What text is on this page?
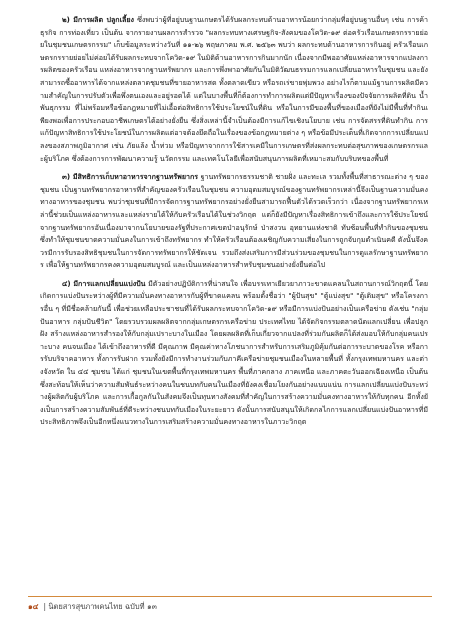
๒) มีการผลิต ปลูกเลี้ยง ซึ่งพบว่าผู้ที่อยู่บนฐานเกษตรได้รับผลกระทบด้านอาหารน้อยกว่ากลุ่มที่อยู่บนฐานอื่นๆ เช่น การค้า ธุรกิจ การท่องเที่ยว เป็นต้น จากรายงานผลการสำรวจ "ผลกระทบทางเศรษฐกิจ-สังคมของโควิด-๑๙ ต่อครัวเรือนเกษตรกรรายย่อยในชุมชนเกษตรกรรม" เก็บข้อมูลระหว่างวันที่ ๑๑-๒๖ พฤษภาคม พ.ศ. ๒๕๖๓ พบว่า ผลกระทบด้านอาหารการกินอยู่ ครัวเรือนเกษตรกรรายย่อยไม่ค่อยได้รับผลกระทบจากโควิด-๑๙ ในมิติด้านอาหารการกินมากนัก เนื่องจากมีพออาศัยแหล่งอาหารจากแปลงการผลิตของครัวเรือน แหล่งอาหารจากฐานทรัพยากร และการพึ่งพาอาศัยกันในมิติวัฒนธรรมการแลกเปลี่ยนอาหารในชุมชน และยังสามารถซื้ออาหารได้จากแหล่งตลาดชุมชนที่ขายอาหารสด ทั้งตลาดเขียว หรือรถเร่ขายพุ่มพวง อย่างไรก็ตามแม้ฐานการผลิตมีความสำคัญในการปรับตัวเพื่อพึ่งตนเองและอยู่รอดได้ แต่ในบางพื้นที่ก็ต้องการทำการผลิตแต่มีปัญหาเรื่องของปัจจัยการผลิตที่ดิน น้ำ พันธุกรรม ที่ไม่พร้อมหรือข้อกฎหมายที่ไม่เอื้อต่อสิทธิการใช้ประโยชน์ในที่ดิน หรือในการมีของพื้นที่ของเมืองที่ยังไม่มีพื้นที่ทำกินเพียงพอเพื่อการประกอบอาชีพเกษตรได้อย่างยั่งยืน ซึ่งสิ่งเหล่านี้จำเป็นต้องมีการแก้ไขเชิงนโยบาย เช่น การจัดสรรที่ดินทำกิน การแก้ปัญหาสิทธิการใช้ประโยชน์ในการผลิตแต่อาจต้องยึดถือในเรื่องของข้อกฎหมายต่าง ๆ หรือข้อมีประเด็นที่เกิดจากการเปลี่ยนแปลงของสภาพภูมิอากาศ เช่น ภัยแล้ง น้ำท่วม หรือปัญหาจากการใช้สารเคมีในการเกษตรที่ส่งผลกระทบต่อสุขภาพของเกษตรกรและผู้บริโภค ซึ่งต้องการการพัฒนาความรู้ นวัตกรรม และเทคโนโลยีเพื่อสนับสนุนการผลิตที่เหมาะสมกับบริบทของพื้นที่

๓) มีสิทธิการเก็บหาอาหารจากฐานทรัพยากร ฐานทรัพยากรธรรมชาติ ชายฝั่ง และทะเล รวมทั้งพื้นที่สาธารณะต่าง ๆ ของชุมชน เป็นฐานทรัพยากรอาหารที่สำคัญของครัวเรือนในชุมชน ความอุดมสมบูรณ์ของฐานทรัพยากรเหล่านี้จึงเป็นฐานความมั่นคงทางอาหารของชุมชน พบว่าชุมชนที่มีการจัดการฐานทรัพยากรอย่างยั่งยืนสามารถฟื้นตัวได้รวดเร็วกว่า เนื่องจากฐานทรัพยากรเหล่านี้ช่วยเป็นแหล่งอาหารและแหล่งรายได้ให้กับครัวเรือนได้ในช่วงวิกฤต แต่ก็ยังมีปัญหาเรื่องสิทธิการเข้าถึงและการใช้ประโยชน์จากฐานทรัพยากรอันเนื่องมาจากนโยบายของรัฐที่ประกาศเขตป่าอนุรักษ์ ป่าสงวน อุทยานแห่งชาติ ทับซ้อนพื้นที่ทำกินของชุมชน ซึ่งทำให้ชุมชนขาดความมั่นคงในการเข้าถึงทรัพยากร ทำให้ครัวเรือนต้องเผชิญกับความเสี่ยงในการถูกจับกุมดำเนินคดี ดังนั้นจึงควรมีการรับรองสิทธิชุมชนในการจัดการทรัพยากรให้ชัดเจน รวมถึงส่งเสริมการมีส่วนร่วมของชุมชนในการดูแลรักษาฐานทรัพยากร เพื่อให้ฐานทรัพยากรคงความอุดมสมบูรณ์ และเป็นแหล่งอาหารสำหรับชุมชนอย่างยั่งยืนต่อไป

๔) มีการแลกเปลี่ยนแบ่งปัน มีตัวอย่างปฏิบัติการที่น่าสนใจ เพื่อบรรเทาเยียวยาภาวะขาดแคลนในสถานการณ์วิกฤตนี้ โดยเกิดการแบ่งปันระหว่างผู้ที่มีความมั่นคงทางอาหารกับผู้ที่ขาดแคลน พร้อมตั้งชื่อว่า "ผู้ปันสุข" "ตู้แบ่งสุข" "ตู้เติมสุข" หรือโครงการอื่น ๆ ที่มีชื่อคล้ายกันนี้ เพื่อช่วยเหลือประชาชนที่ได้รับผลกระทบจากโควิด-๑๙ หรือมีการแบ่งปันอย่างเป็นเครือข่าย ดังเช่น "กลุ่มปันอาหาร กลุ่มปันชีวิต" โดยรวบรวมผลผลิตจากกลุ่มเกษตรกรเครือข่าย ประเทศไทย ได้จัดกิจกรรมตลาดนัดแลกเปลี่ยน เพื่อปลูกฝัง สร้างแหล่งอาหารสำรองให้กับกลุ่มเปราะบางในเมือง โดยผลผลิตที่เก็บเกี่ยวจากแปลงที่ร่วมกันผลิตก็ได้ส่งมอบให้กับกลุ่มคนเปราะบาง คนจนเมือง ได้เข้าถึงอาหารที่ดี มีคุณภาพ มีคุณค่าทางโภชนาการสำหรับการเสริมภูมิคุ้มกันต่อการระบาดของโรค หรือการรับบริจาคอาหาร ทั้งการรับฝาก รวมทั้งยังมีการทำงานร่วมกับภาคีเครือข่ายชุมชนเมืองในหลายพื้นที่ ทั้งกรุงเทพมหานคร และต่างจังหวัด ใน ๔๔ ชุมชน ได้แก่ ชุมชนในเขตพื้นที่กรุงเทพมหานคร พื้นที่ภาคกลาง ภาคเหนือ และภาคตะวันออกเฉียงเหนือ เป็นต้น ซึ่งสะท้อนให้เห็นว่าความสัมพันธ์ระหว่างคนในชนบทกับคนในเมืองที่ยังคงเชื่อมโยงกันอย่างแนบแน่น การแลกเปลี่ยนแบ่งปันระหว่างผู้ผลิตกับผู้บริโภค และการเกื้อกูลกันในสังคมจึงเป็นทุนทางสังคมที่สำคัญในการสร้างความมั่นคงทางอาหารให้กับทุกคน อีกทั้งยังเป็นการสร้างความสัมพันธ์ที่ดีระหว่างชนบทกับเมืองในระยะยาว ดังนั้นการสนับสนุนให้เกิดกลไกการแลกเปลี่ยนแบ่งปันอาหารที่มีประสิทธิภาพจึงเป็นอีกหนึ่งแนวทางในการเสริมสร้างความมั่นคงทางอาหารในภาวะวิกฤต

๑๔ | นิตยสารสุขภาพคนไทย ฉบับที่ ๑๓
